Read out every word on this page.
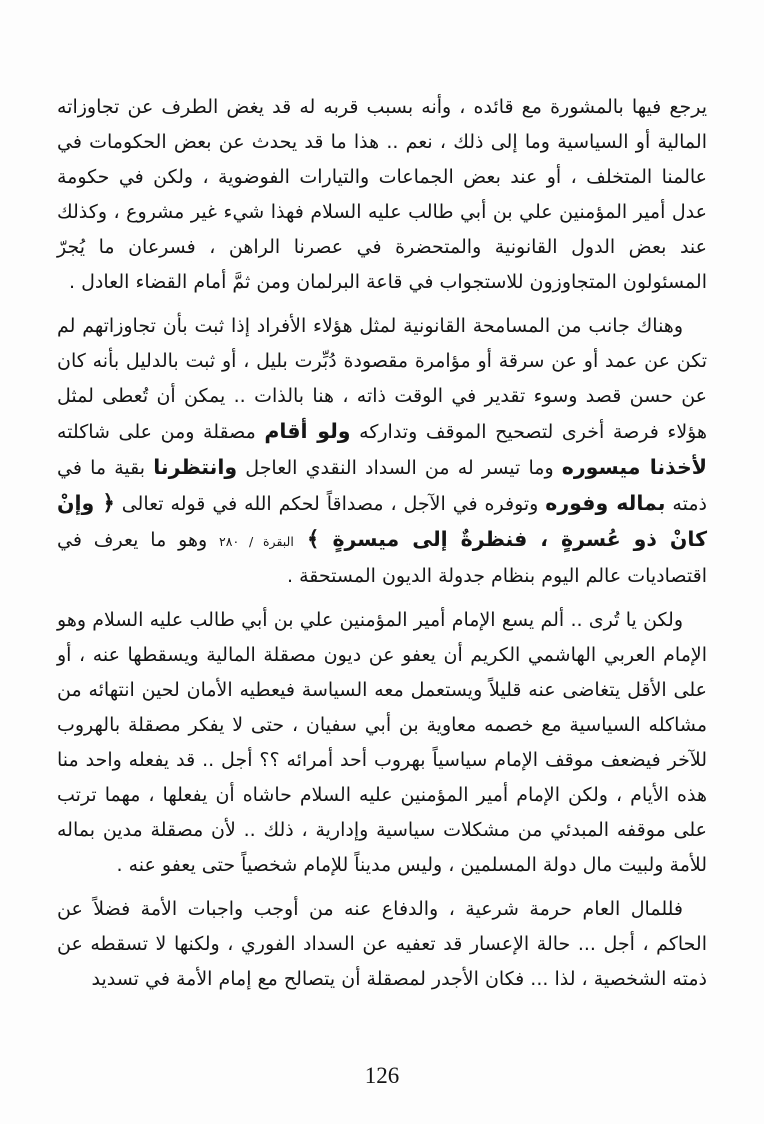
يرجع فيها بالمشورة مع قائده ، وأنه بسبب قربه له قد يغض الطرف عن تجاوزاته المالية أو السياسية وما إلى ذلك ، نعم .. هذا ما قد يحدث عن بعض الحكومات في عالمنا المتخلف ، أو عند بعض الجماعات والتيارات الفوضوية ، ولكن في حكومة عدل أمير المؤمنين علي بن أبي طالب عليه السلام فهذا شيء غير مشروع ، وكذلك عند بعض الدول القانونية والمتحضرة في عصرنا الراهن ، فسرعان ما يُجرّ المسئولون المتجاوزون للاستجواب في قاعة البرلمان ومن ثمَّ أمام القضاء العادل .

وهناك جانب من المسامحة القانونية لمثل هؤلاء الأفراد إذا ثبت بأن تجاوزاتهم لم تكن عن عمد أو عن سرقة أو مؤامرة مقصودة دُبِّرت بليل ، أو ثبت بالدليل بأنه كان عن حسن قصد وسوء تقدير في الوقت ذاته ، هنا بالذات .. يمكن أن تُعطى لمثل هؤلاء فرصة أخرى لتصحيح الموقف وتداركه ولو أقام مصقلة ومن على شاكلته لأخذنا ميسوره وما تيسر له من السداد النقدي العاجل وانتظرنا بقية ما في ذمته بماله وفوره وتوفره في الآجل ، مصداقاً لحكم الله في قوله تعالى ﴿ وإنْ كانْ ذو عُسرةٍ ، فنظرةٌ إلى ميسرةٍ ﴾ البقرة / ٢٨٠ وهو ما يعرف في اقتصاديات عالم اليوم بنظام جدولة الديون المستحقة .

ولكن يا تُرى .. ألم يسع الإمام أمير المؤمنين علي بن أبي طالب عليه السلام وهو الإمام العربي الهاشمي الكريم أن يعفو عن ديون مصقلة المالية ويسقطها عنه ، أو على الأقل يتغاضى عنه قليلاً ويستعمل معه السياسة فيعطيه الأمان لحين انتهائه من مشاكله السياسية مع خصمه معاوية بن أبي سفيان ، حتى لا يفكر مصقلة بالهروب للآخر فيضعف موقف الإمام سياسياً بهروب أحد أمرائه ؟؟ أجل .. قد يفعله واحد منا هذه الأيام ، ولكن الإمام أمير المؤمنين عليه السلام حاشاه أن يفعلها ، مهما ترتب على موقفه المبدئي من مشكلات سياسية وإدارية ، ذلك .. لأن مصقلة مدين بماله للأمة ولبيت مال دولة المسلمين ، وليس مديناً للإمام شخصياً حتى يعفو عنه .

فللمال العام حرمة شرعية ، والدفاع عنه من أوجب واجبات الأمة فضلاً عن الحاكم ، أجل ... حالة الإعسار قد تعفيه عن السداد الفوري ، ولكنها لا تسقطه عن ذمته الشخصية ، لذا ... فكان الأجدر لمصقلة أن يتصالح مع إمام الأمة في تسديد

126
